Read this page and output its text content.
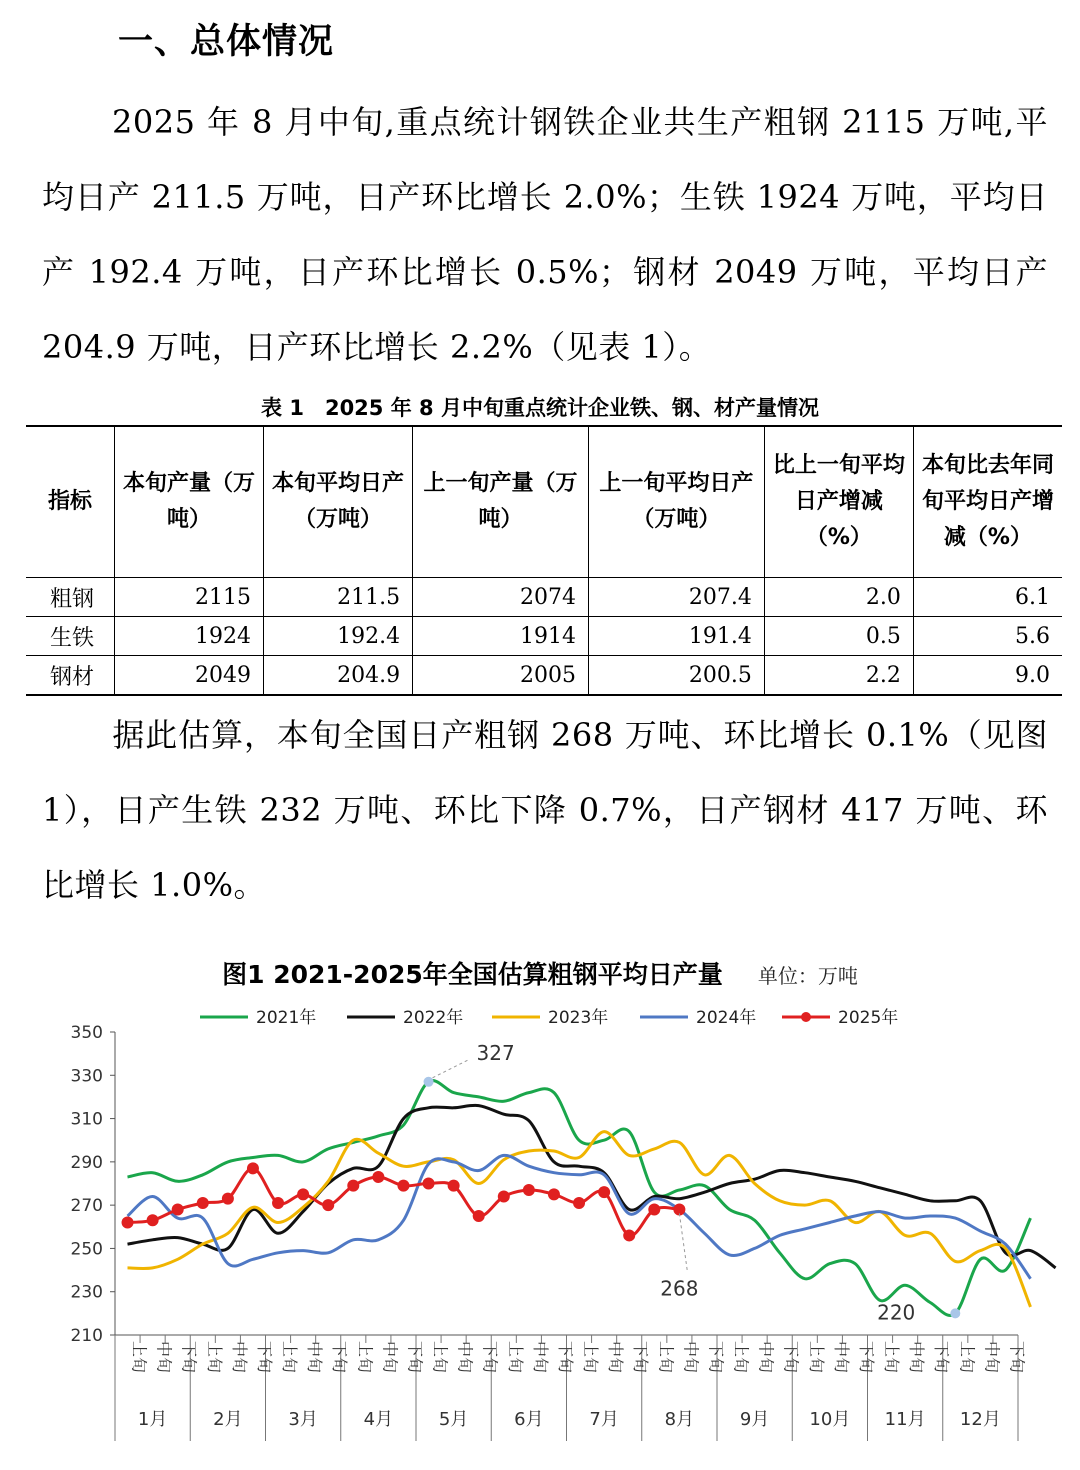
一、总体情况
2025 年 8 月中旬,重点统计钢铁企业共生产粗钢 2115 万吨,平均日产 211.5 万吨，日产环比增长 2.0%；生铁 1924 万吨，平均日产 192.4 万吨，日产环比增长 0.5%；钢材 2049 万吨，平均日产 204.9 万吨，日产环比增长 2.2%（见表 1）。
表 1　2025 年 8 月中旬重点统计企业铁、钢、材产量情况
指标	本旬产量（万吨）	本旬平均日产（万吨）	上一旬产量（万吨）	上一旬平均日产（万吨）	比上一旬平均日产增减（%）	本旬比去年同旬平均日产增减（%）
粗钢	2115	211.5	2074	207.4	2.0	6.1
生铁	1924	192.4	1914	191.4	0.5	5.6
钢材	2049	204.9	2005	200.5	2.2	9.0
据此估算，本旬全国日产粗钢 268 万吨、环比增长 0.1%（见图 1），日产生铁 232 万吨、环比下降 0.7%，日产钢材 417 万吨、环比增长 1.0%。
图1 2021-2025年全国估算粗钢平均日产量 单位：万吨
210
230
250
270
290
310
330
350
上旬 中旬 下旬 上旬 中旬 下旬 上旬 中旬 下旬 上旬 中旬 下旬 上旬 中旬 下旬 上旬 中旬 下旬 上旬 中旬 下旬 上旬 中旬 下旬 上旬 中旬 下旬 上旬 中旬 下旬 上旬 中旬 下旬 上旬 中旬 下旬
1月	2月	3月	4月	5月	6月	7月	8月	9月 10月 11月 12月
2021年	2022年	2023年	2024年	2025年
327
268
220
